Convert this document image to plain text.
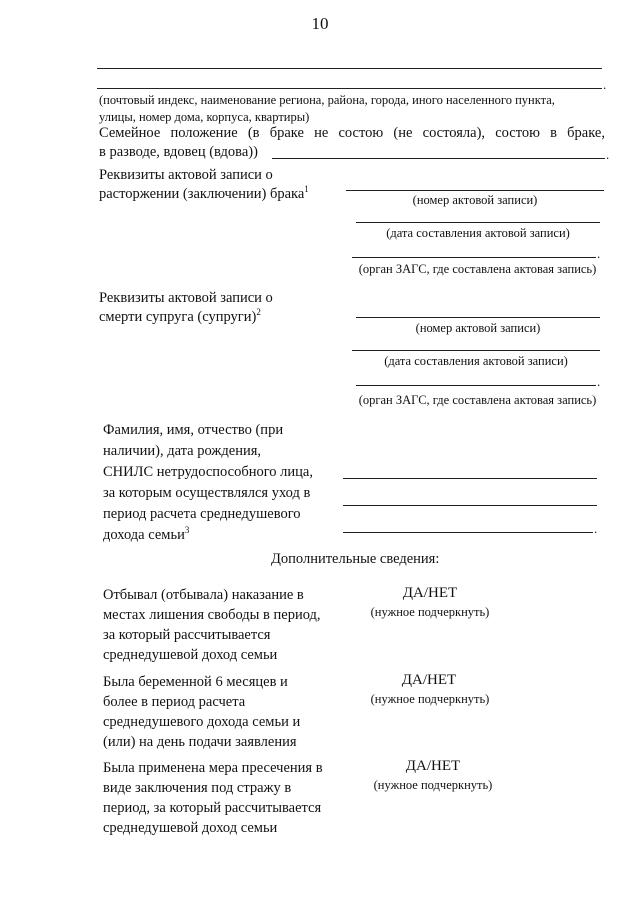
10
.
(почтовый индекс, наименование региона, района, города, иного населенного пункта,
улицы, номер дома, корпуса, квартиры)
Семейное положение (в браке не состою (не состояла), состою в браке,
в разводе, вдовец (вдова))	.
Реквизиты актовой записи о
расторжении (заключении) брака$^1$
(номер актовой записи)
(дата составления актовой записи)
.
(орган ЗАГС, где составлена актовая запись)
Реквизиты актовой записи о
смерти супруга (супруги)$^2$
(номер актовой записи)
(дата составления актовой записи)
.
(орган ЗАГС, где составлена актовая запись)
Фамилия, имя, отчество (при
наличии), дата рождения,
СНИЛС нетрудоспособного лица,
за которым осуществлялся уход в
период расчета среднедушевого
дохода семьи$^3$	.
Дополнительные сведения:
Отбывал (отбывала) наказание в
местах лишения свободы в период,
за который рассчитывается
среднедушевой доход семьи
ДА/НЕТ
(нужное подчеркнуть)
Была беременной 6 месяцев и
более в период расчета
среднедушевого дохода семьи и
(или) на день подачи заявления
ДА/НЕТ
(нужное подчеркнуть)
Была применена мера пресечения в
виде заключения под стражу в
период, за который рассчитывается
среднедушевой доход семьи
ДА/НЕТ
(нужное подчеркнуть)
